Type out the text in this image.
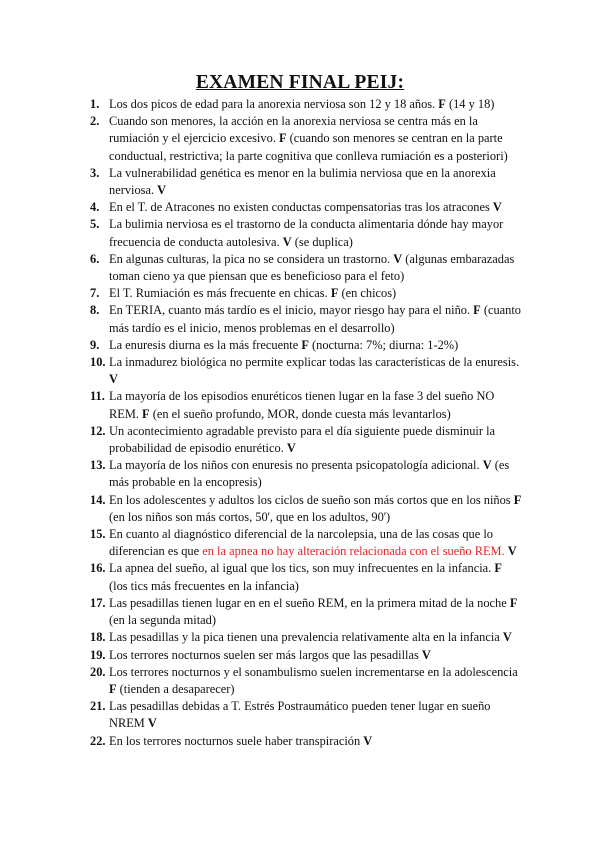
EXAMEN FINAL PEIJ:
1. Los dos picos de edad para la anorexia nerviosa son 12 y 18 años. F (14 y 18)
2. Cuando son menores, la acción en la anorexia nerviosa se centra más en la rumiación y el ejercicio excesivo. F (cuando son menores se centran en la parte conductual, restrictiva; la parte cognitiva que conlleva rumiación es a posteriori)
3. La vulnerabilidad genética es menor en la bulimia nerviosa que en la anorexia nerviosa. V
4. En el T. de Atracones no existen conductas compensatorias tras los atracones V
5. La bulimia nerviosa es el trastorno de la conducta alimentaria dónde hay mayor frecuencia de conducta autolesiva. V (se duplica)
6. En algunas culturas, la pica no se considera un trastorno. V (algunas embarazadas toman cieno ya que piensan que es beneficioso para el feto)
7. El T. Rumiación es más frecuente en chicas. F (en chicos)
8. En TERIA, cuanto más tardío es el inicio, mayor riesgo hay para el niño. F (cuanto más tardío es el inicio, menos problemas en el desarrollo)
9. La enuresis diurna es la más frecuente F (nocturna: 7%; diurna: 1-2%)
10. La inmadurez biológica no permite explicar todas las características de la enuresis. V
11. La mayoría de los episodios enuréticos tienen lugar en la fase 3 del sueño NO REM. F (en el sueño profundo, MOR, donde cuesta más levantarlos)
12. Un acontecimiento agradable previsto para el día siguiente puede disminuir la probabilidad de episodio enurético. V
13. La mayoría de los niños con enuresis no presenta psicopatología adicional. V (es más probable en la encopresis)
14. En los adolescentes y adultos los ciclos de sueño son más cortos que en los niños F (en los niños son más cortos, 50', que en los adultos, 90')
15. En cuanto al diagnóstico diferencial de la narcolepsia, una de las cosas que lo diferencian es que en la apnea no hay alteración relacionada con el sueño REM. V
16. La apnea del sueño, al igual que los tics, son muy infrecuentes en la infancia. F (los tics más frecuentes en la infancia)
17. Las pesadillas tienen lugar en en el sueño REM, en la primera mitad de la noche F (en la segunda mitad)
18. Las pesadillas y la pica tienen una prevalencia relativamente alta en la infancia V
19. Los terrores nocturnos suelen ser más largos que las pesadillas V
20. Los terrores nocturnos y el sonambulismo suelen incrementarse en la adolescencia F (tienden a desaparecer)
21. Las pesadillas debidas a T. Estrés Postraumático pueden tener lugar en sueño NREM V
22. En los terrores nocturnos suele haber transpiración V
